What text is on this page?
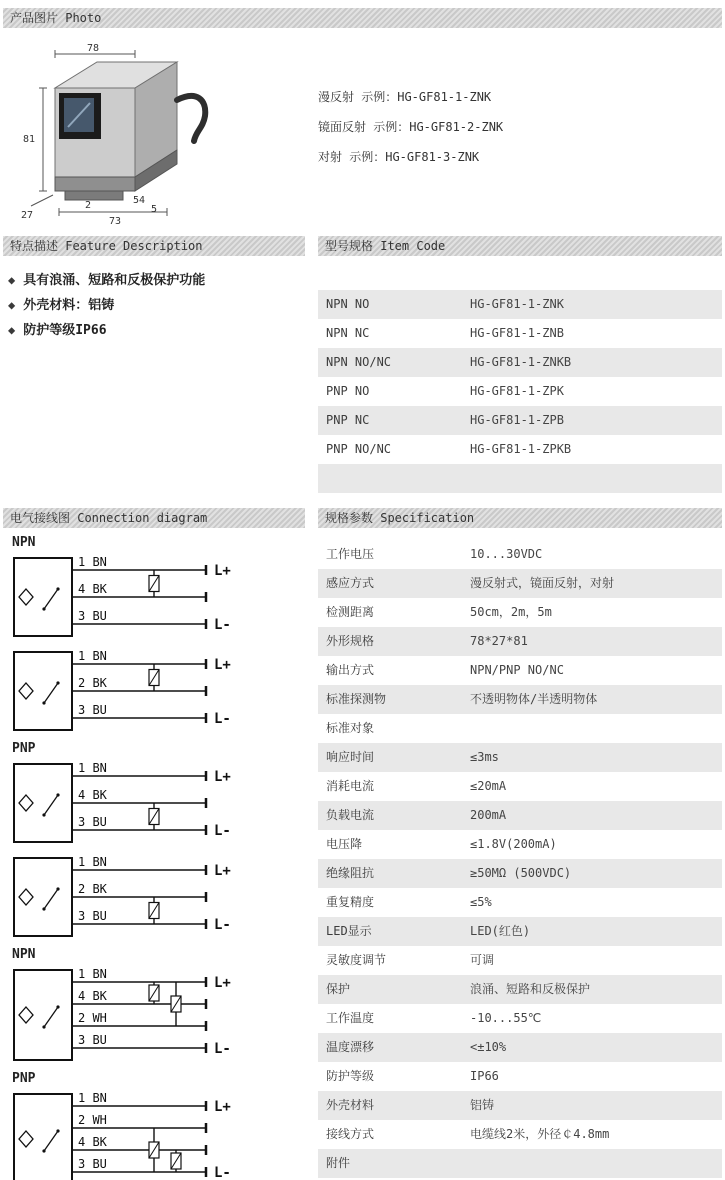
产品图片 Photo
特点描述 Feature Description	型号规格 Item Code
电气接线图 Connection diagram	规格参数 Specification
78
81
27
2
73
54
5
漫反射 示例：HG-GF81-1-ZNK
镜面反射 示例：HG-GF81-2-ZNK
对射 示例：HG-GF81-3-ZNK
◆ 具有浪涌、短路和反极保护功能
◆ 外壳材料：铝铸
◆ 防护等级IP66
NPN NO	HG-GF81-1-ZNK
NPN NC	HG-GF81-1-ZNB
NPN NO/NC	HG-GF81-1-ZNKB
PNP NO	HG-GF81-1-ZPK
PNP NC	HG-GF81-1-ZPB
PNP NO/NC	HG-GF81-1-ZPKB
NPN
1 BN
4 BK
3 BU
L+
L-
1 BN
2 BK
3 BU
L+
L-
PNP
1 BN
4 BK
3 BU
L+
L-
1 BN
2 BK
3 BU
L+
L-
NPN
1 BN
4 BK
2 WH
3 BU
L+
L-
PNP
1 BN
2 WH
4 BK
3 BU
L+
L-
工作电压	10...30VDC
感应方式	漫反射式，镜面反射，对射
检测距离	50cm，2m，5m
外形规格	78*27*81
输出方式	NPN/PNP NO/NC
标准探测物	不透明物体/半透明物体
标准对象
响应时间	≤3ms
消耗电流	≤20mA
负载电流	200mA
电压降	≤1.8V(200mA)
绝缘阻抗	≥50MΩ (500VDC)
重复精度	≤5%
LED显示	LED(红色)
灵敏度调节	可调
保护	浪涌、短路和反极保护
工作温度	-10...55℃
温度漂移	<±10%
防护等级	IP66
外壳材料	铝铸
接线方式	电缆线2米，外径￠4.8mm
附件
